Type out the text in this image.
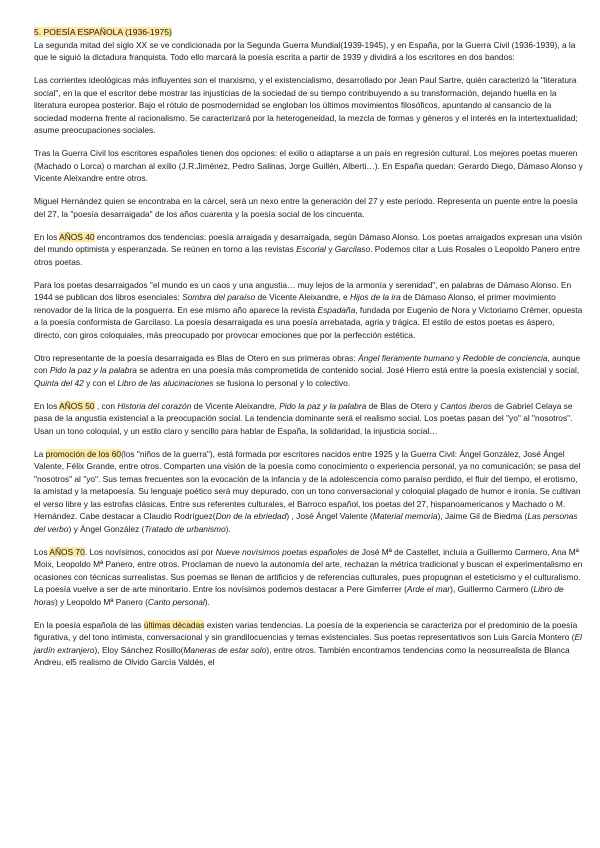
5. POESÍA ESPAÑOLA (1936-1975)

La segunda mitad del siglo XX se ve condicionada por la Segunda Guerra Mundial(1939-1945), y en España, por la Guerra Civil (1936-1939), a la que le siguió la dictadura franquista. Todo ello marcará la poesía escrita a partir de 1939 y dividirá a los escritores en dos bandos:

Las corrientes ideológicas más influyentes son el marxismo, y el existencialismo, desarrollado por Jean Paul Sartre, quién caracterizó la "literatura social", en la que el escritor debe mostrar las injusticias de la sociedad de su tiempo contribuyendo a su transformación, dejando huella en la literatura europea posterior. Bajo el rótulo de posmodernidad se engloban los últimos movimientos filosóficos, apuntando al cansancio de la sociedad moderna frente al racionalismo. Se caracterizará por la heterogeneidad, la mezcla de formas y géneros y el interés en la intertextualidad; asume preocupaciones sociales.

Tras la Guerra Civil los escritores españoles tienen dos opciones: el exilio o adaptarse a un país en regresión cultural. Los mejores poetas mueren (Machado o Lorca) o marchan al exilio (J.R.Jiménez, Pedro Salinas, Jorge Guillén, Alberti…). En España quedan: Gerardo Diego, Dámaso Alonso y Vicente Aleixandre entre otros.

Miguel Hernández quien se encontraba en la cárcel, será un nexo entre la generación del 27 y este periodo. Representa un puente entre la poesía del 27, la "poesía desarraigada" de los años cuarenta y la poesía social de los cincuenta.

En los AÑOS 40 encontramos dos tendencias: poesía arraigada y desarraigada, según Dámaso Alonso. Los poetas arraigados expresan una visión del mundo optimista y esperanzada. Se reúnen en torno a las revistas Escorial y Garcilaso. Podemos citar a Luis Rosales o Leopoldo Panero entre otros poetas.

Para los poetas desarraigados "el mundo es un caos y una angustia… muy lejos de la armonía y serenidad", en palabras de Dámaso Alonso. En 1944 se publican dos libros esenciales: Sombra del paraíso de Vicente Aleixandre, e Hijos de la ira de Dámaso Alonso, el primer movimiento renovador de la lírica de la posguerra. En ese mismo año aparece la revista Espadaña, fundada por Eugenio de Nora y Victoriamo Crémer, opuesta a la poesía conformista de Garcilaso. La poesía desarraigada es una poesía arrebatada, agria y trágica. El estilo de estos poetas es áspero, directo, con giros coloquiales, más preocupado por provocar emociones que por la perfección estética.

Otro representante de la poesía desarraigada es Blas de Otero en sus primeras obras: Ángel fieramente humano y Redoble de conciencia, aunque con Pido la paz y la palabra se adentra en una poesía más comprometida de contenido social. José Hierro está entre la poesía existencial y social, Quinta del 42 y con el Libro de las alucinaciones se fusiona lo personal y lo colectivo.

En los AÑOS 50 , con Historia del corazón de Vicente Aleixandre, Pido la paz y la palabra de Blas de Otero y Cantos iberos de Gabriel Celaya se pasa de la angustia existencial a la preocupación social. La tendencia dominante será el realismo social. Los poetas pasan del "yo" al "nosotros". Usan un tono coloquial, y un estilo claro y sencillo para hablar de España, la solidaridad, la injusticia social…

La promoción de los 60(los "niños de la guerra"), está formada por escritores nacidos entre 1925 y la Guerra Civil: Ángel González, José Ángel Valente, Félix Grande, entre otros. Comparten una visión de la poesía como conocimiento o experiencia personal, ya no comunicación; se pasa del "nosotros" al "yo". Sus temas frecuentes son la evocación de la infancia y de la adolescencia como paraíso perdido, el fluir del tiempo, el erotismo, la amistad y la metapoesía. Su lenguaje poético será muy depurado, con un tono conversacional y coloquial plagado de humor e ironía. Se cultivan el verso libre y las estrofas clásicas. Entre sus referentes culturales, el Barroco español, los poetas del 27, hispanoamericanos y Machado o M. Hernández. Cabe destacar a Claudio Rodríguez(Don de la ebriedad) , José Ángel Valente (Material memoria), Jaime Gil de Biedma (Las personas del verbo) y Ángel González (Tratado de urbanismo).

Los AÑOS 70. Los novísimos, conocidos así por Nueve novísimos poetas españoles de José Mª de Castellet, incluía a Guillermo Carmero, Ana Mª Moix, Leopoldo Mª Panero, entre otros. Proclaman de nuevo la autonomía del arte, rechazan la métrica tradicional y buscan el experimentalismo en ocasiones con técnicas surrealistas. Sus poemas se llenan de artificios y de referencias culturales, pues propugnan el esteticismo y el culturalismo. La poesía vuelve a ser de arte minoritario. Entre los novísimos podemos destacar a Pere Gimferrer (Arde el mar), Guillermo Carmero (Libro de horas) y Leopoldo Mª Panero (Canto personal).

En la poesía española de las últimas décadas existen varias tendencias. La poesía de la experiencia se caracteriza por el predominio de la poesía figurativa, y del tono intimista, conversacional y sin grandilocuencias y temas existenciales. Sus poetas representativos son Luis García Montero (El jardín extranjero), Eloy Sánchez Rosillo(Maneras de estar solo), entre otros. También encontramos tendencias como la neosurrealista de Blanca Andreu, el5 realismo de Olvido García Valdés, el
